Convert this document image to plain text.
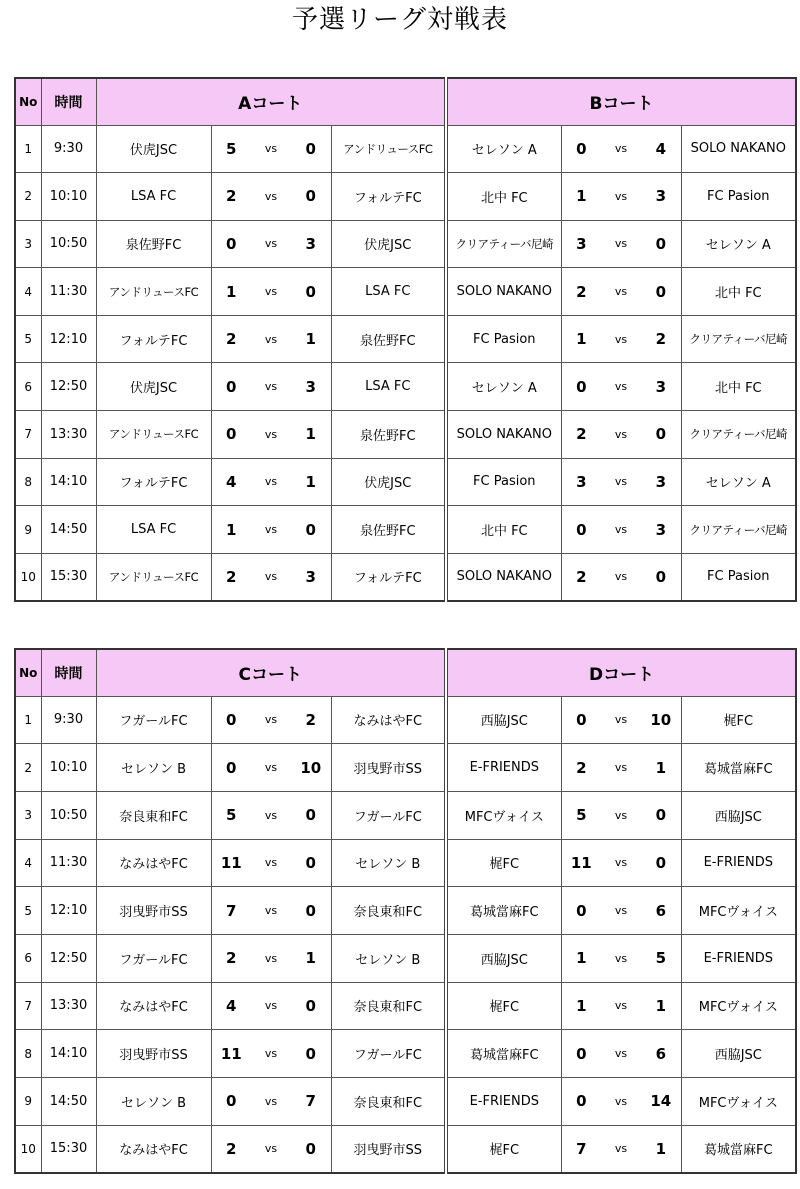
予選リーグ対戦表
No	時間	Aコート					Bコート				
1	9:30	伏虎JSC	5	vs	0	アンドリュースFC	セレソン A	0	vs	4	SOLO NAKANO
2	10:10	LSA FC	2	vs	0	フォルテFC	北中 FC	1	vs	3	FC Pasion
3	10:50	泉佐野FC	0	vs	3	伏虎JSC	クリアティーバ尼崎	3	vs	0	セレソン A
4	11:30	アンドリュースFC	1	vs	0	LSA FC	SOLO NAKANO	2	vs	0	北中 FC
5	12:10	フォルテFC	2	vs	1	泉佐野FC	FC Pasion	1	vs	2	クリアティーバ尼崎
6	12:50	伏虎JSC	0	vs	3	LSA FC	セレソン A	0	vs	3	北中 FC
7	13:30	アンドリュースFC	0	vs	1	泉佐野FC	SOLO NAKANO	2	vs	0	クリアティーバ尼崎
8	14:10	フォルテFC	4	vs	1	伏虎JSC	FC Pasion	3	vs	3	セレソン A
9	14:50	LSA FC	1	vs	0	泉佐野FC	北中 FC	0	vs	3	クリアティーバ尼崎
10	15:30	アンドリュースFC	2	vs	3	フォルテFC	SOLO NAKANO	2	vs	0	FC Pasion
No	時間	Cコート					Dコート				
1	9:30	フガールFC	0	vs	2	なみはやFC	西脇JSC	0	vs	10	梶FC
2	10:10	セレソン B	0	vs	10	羽曳野市SS	E-FRIENDS	2	vs	1	葛城當麻FC
3	10:50	奈良東和FC	5	vs	0	フガールFC	MFCヴォイス	5	vs	0	西脇JSC
4	11:30	なみはやFC	11	vs	0	セレソン B	梶FC	11	vs	0	E-FRIENDS
5	12:10	羽曳野市SS	7	vs	0	奈良東和FC	葛城當麻FC	0	vs	6	MFCヴォイス
6	12:50	フガールFC	2	vs	1	セレソン B	西脇JSC	1	vs	5	E-FRIENDS
7	13:30	なみはやFC	4	vs	0	奈良東和FC	梶FC	1	vs	1	MFCヴォイス
8	14:10	羽曳野市SS	11	vs	0	フガールFC	葛城當麻FC	0	vs	6	西脇JSC
9	14:50	セレソン B	0	vs	7	奈良東和FC	E-FRIENDS	0	vs	14	MFCヴォイス
10	15:30	なみはやFC	2	vs	0	羽曳野市SS	梶FC	7	vs	1	葛城當麻FC
